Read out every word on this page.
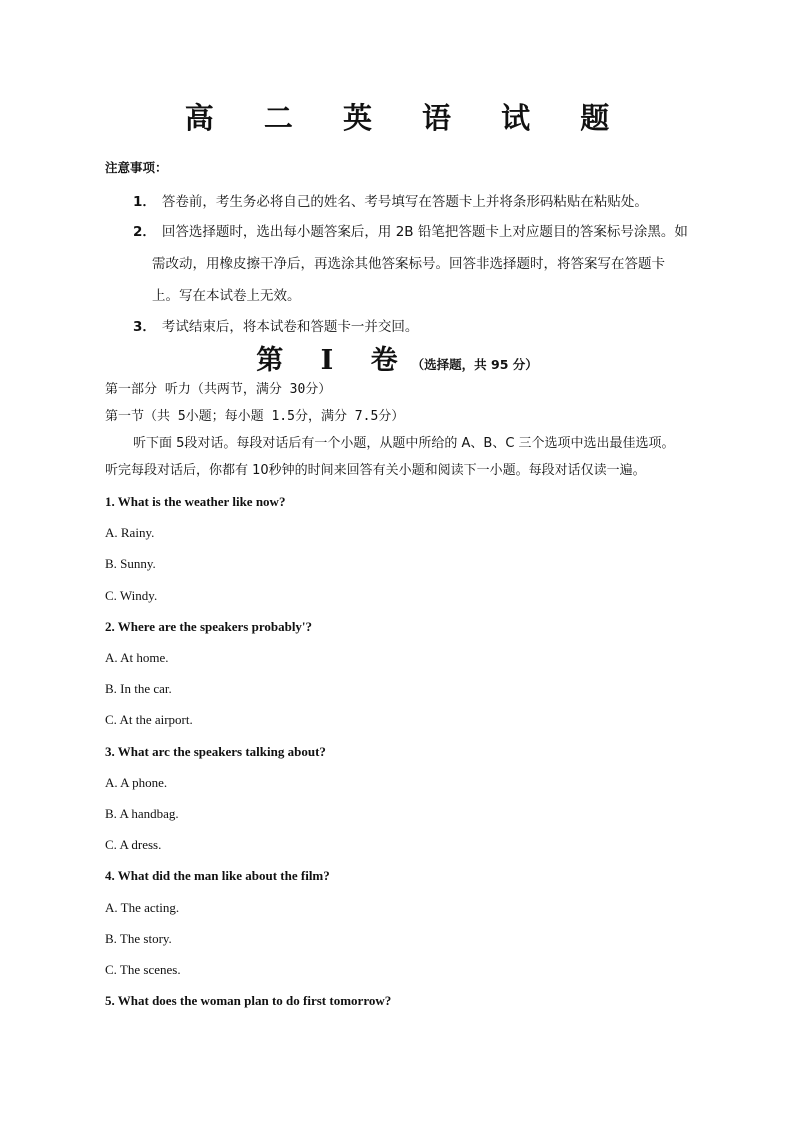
高 二 英 语 试 题
注意事项：
1． 答卷前，考生务必将自己的姓名、考号填写在答题卡上并将条形码粘贴在粘贴处。
2． 回答选择题时，选出每小题答案后，用 2B 铅笔把答题卡上对应题目的答案标号涂黑。如
需改动，用橡皮擦干净后，再选涂其他答案标号。回答非选择题时，将答案写在答题卡
上。写在本试卷上无效。
3． 考试结束后，将本试卷和答题卡一并交回。
第 I 卷（选择题，共 95 分）
第一部分 听力（共两节，满分 30分）
第一节（共 5小题；每小题 1.5分，满分 7.5分）
听下面 5段对话。每段对话后有一个小题，从题中所给的 A、B、C 三个选项中选出最佳选项。
听完每段对话后，你都有 10秒钟的时间来回答有关小题和阅读下一小题。每段对话仅读一遍。
1. What is the weather like now?
A. Rainy.
B. Sunny.
C. Windy.
2. Where are the speakers probably'?
A. At home.
B. In the car.
C. At the airport.
3. What arc the speakers talking about?
A. A phone.
B. A handbag.
C. A dress.
4. What did the man like about the film?
A. The acting.
B. The story.
C. The scenes.
5. What does the woman plan to do first tomorrow?
